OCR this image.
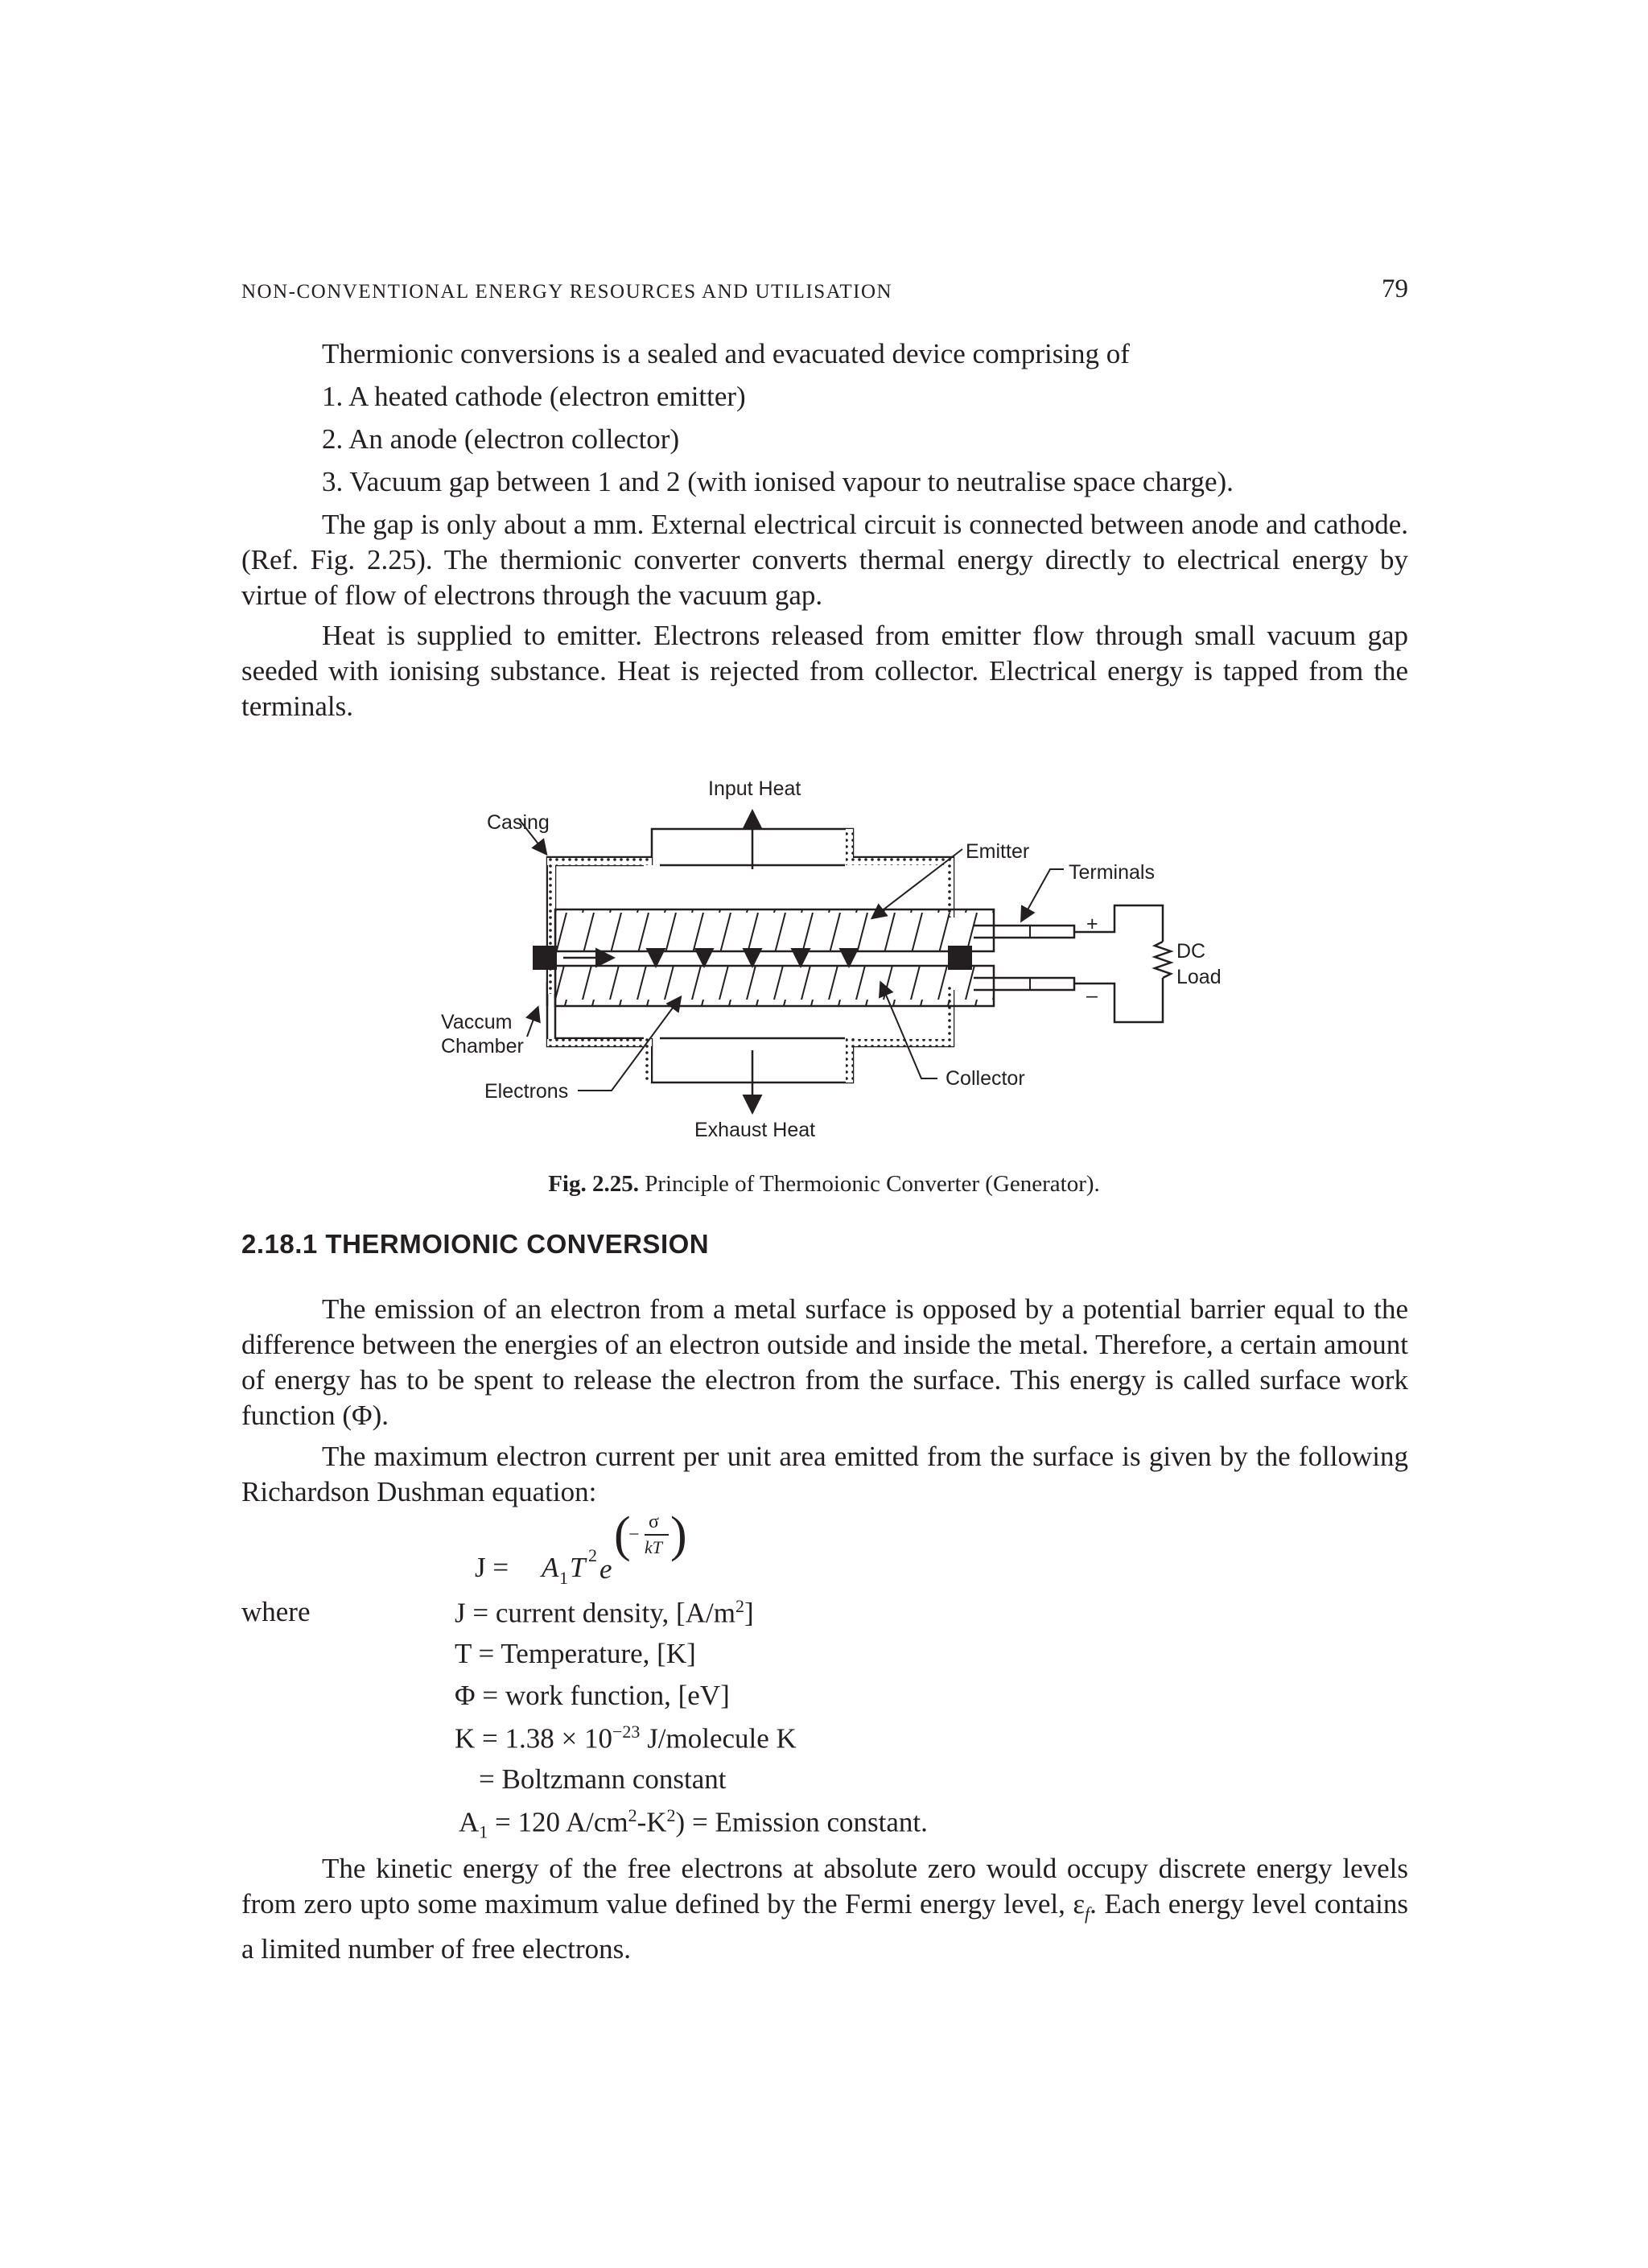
NON-CONVENTIONAL ENERGY RESOURCES AND UTILISATION	79
Thermionic conversions is a sealed and evacuated device comprising of
1. A heated cathode (electron emitter)
2. An anode (electron collector)
3. Vacuum gap between 1 and 2 (with ionised vapour to neutralise space charge).

The gap is only about a mm. External electrical circuit is connected between anode and cathode. (Ref. Fig. 2.25). The thermionic converter converts thermal energy directly to electrical energy by virtue of flow of electrons through the vacuum gap.

Heat is supplied to emitter. Electrons released from emitter flow through small vacuum gap seeded with ionising substance. Heat is rejected from collector. Electrical energy is tapped from the terminals.

Input Heat
Casing
Emitter
Terminals
+
–
DC
Load
Vaccum
Chamber
Electrons
Collector
Exhaust Heat
Fig. 2.25. Principle of Thermoionic Converter (Generator).
2.18.1 THERMOIONIC CONVERSION

The emission of an electron from a metal surface is opposed by a potential barrier equal to the difference between the energies of an electron outside and inside the metal. Therefore, a certain amount of energy has to be spent to release the electron from the surface. This energy is called surface work function (Φ).

The maximum electron current per unit area emitted from the surface is given by the following Richardson Dushman equation:

J = A 1 T 2 e
(
−
σ
kT )
where	J = current density, $[A/m^2]$
T = Temperature, [K]
Φ = work function, [eV]
$K = 1.38 \times 10^{-23}$ J/molecule K
= Boltzmann constant
$A_1 = 120$ $A/cm^2-K^2$) = Emission constant.

The kinetic energy of the free electrons at absolute zero would occupy discrete energy levels from zero upto some maximum value defined by the Fermi energy level, $\varepsilon_f$. Each energy level contains a limited number of free electrons.
